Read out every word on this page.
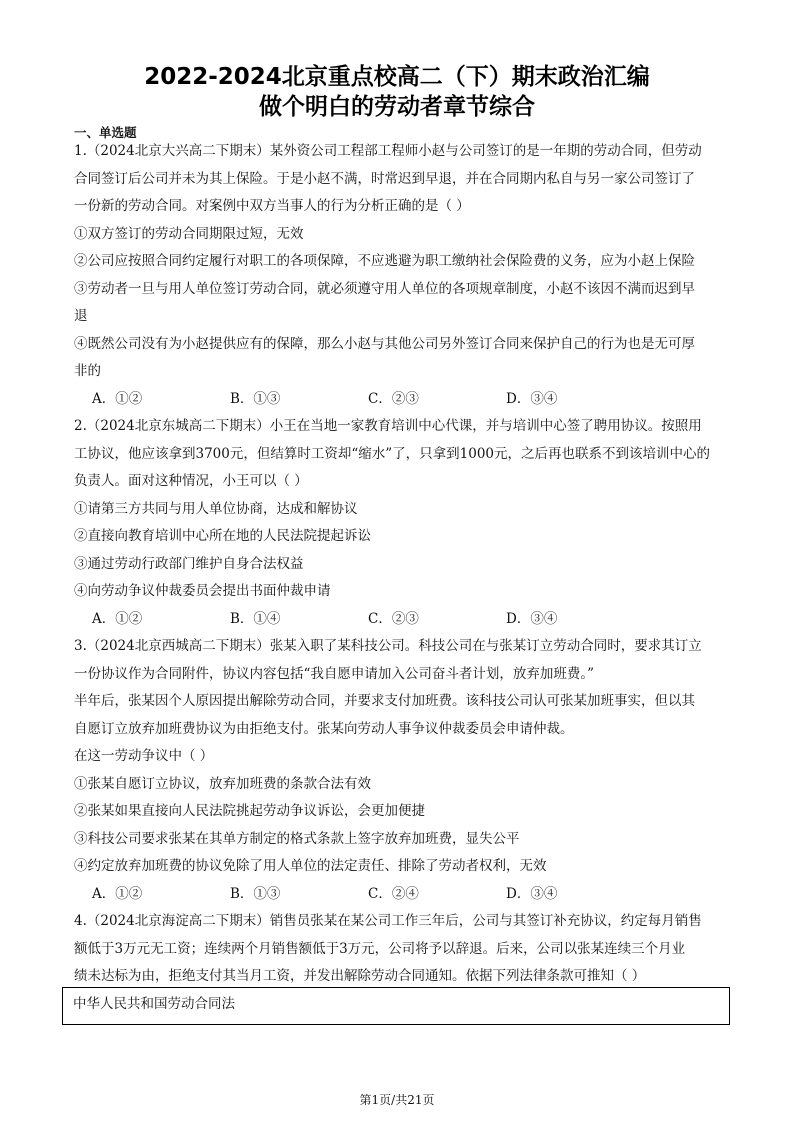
2022-2024北京重点校高二（下）期末政治汇编
做个明白的劳动者章节综合
一、单选题
1.（2024北京大兴高二下期末）某外资公司工程部工程师小赵与公司签订的是一年期的劳动合同，但劳动
合同签订后公司并未为其上保险。于是小赵不满，时常迟到早退，并在合同期内私自与另一家公司签订了
一份新的劳动合同。对案例中双方当事人的行为分析正确的是（ ）
①双方签订的劳动合同期限过短，无效
②公司应按照合同约定履行对职工的各项保障，不应逃避为职工缴纳社会保险费的义务，应为小赵上保险
③劳动者一旦与用人单位签订劳动合同，就必须遵守用人单位的各项规章制度，小赵不该因不满而迟到早
退
④既然公司没有为小赵提供应有的保障，那么小赵与其他公司另外签订合同来保护自己的行为也是无可厚
非的
A．①②	B．①③	C．②③	D．③④
2.（2024北京东城高二下期末）小王在当地一家教育培训中心代课，并与培训中心签了聘用协议。按照用
工协议，他应该拿到3700元，但结算时工资却“缩水”了，只拿到1000元，之后再也联系不到该培训中心的
负责人。面对这种情况，小王可以（ ）
①请第三方共同与用人单位协商，达成和解协议
②直接向教育培训中心所在地的人民法院提起诉讼
③通过劳动行政部门维护自身合法权益
④向劳动争议仲裁委员会提出书面仲裁申请
A．①②	B．①④	C．②③	D．③④
3.（2024北京西城高二下期末）张某入职了某科技公司。科技公司在与张某订立劳动合同时，要求其订立
一份协议作为合同附件，协议内容包括“我自愿申请加入公司奋斗者计划，放弃加班费。”
半年后，张某因个人原因提出解除劳动合同，并要求支付加班费。该科技公司认可张某加班事实，但以其
自愿订立放弃加班费协议为由拒绝支付。张某向劳动人事争议仲裁委员会申请仲裁。
在这一劳动争议中（ ）
①张某自愿订立协议，放弃加班费的条款合法有效
②张某如果直接向人民法院挑起劳动争议诉讼，会更加便捷
③科技公司要求张某在其单方制定的格式条款上签字放弃加班费，显失公平
④约定放弃加班费的协议免除了用人单位的法定责任、排除了劳动者权利，无效
A．①②	B．①③	C．②④	D．③④
4.（2024北京海淀高二下期末）销售员张某在某公司工作三年后，公司与其签订补充协议，约定每月销售
额低于3万元无工资；连续两个月销售额低于3万元，公司将予以辞退。后来，公司以张某连续三个月业
绩未达标为由，拒绝支付其当月工资，并发出解除劳动合同通知。依据下列法律条款可推知（ ）
中华人民共和国劳动合同法
第1页/共21页
